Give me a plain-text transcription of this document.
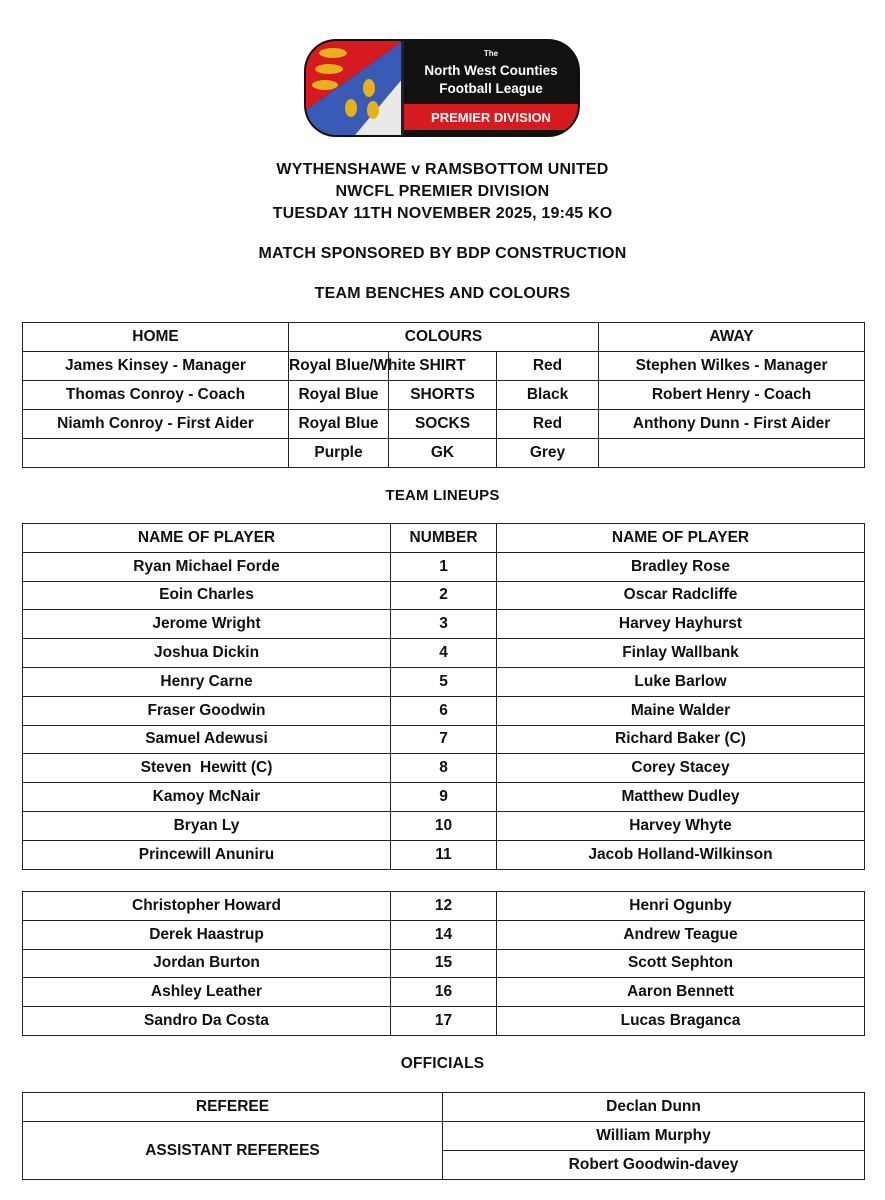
The
North West Counties
Football League
PREMIER DIVISION
WYTHENSHAWE v RAMSBOTTOM UNITED
NWCFL PREMIER DIVISION
TUESDAY 11TH NOVEMBER 2025, 19:45 KO
MATCH SPONSORED BY BDP CONSTRUCTION
TEAM BENCHES AND COLOURS
HOME	COLOURS			AWAY
James Kinsey - Manager	Royal Blue/White	SHIRT	Red	Stephen Wilkes - Manager
Thomas Conroy - Coach	Royal Blue	SHORTS	Black	Robert Henry - Coach
Niamh Conroy - First Aider	Royal Blue	SOCKS	Red	Anthony Dunn - First Aider
	Purple	GK	Grey	
TEAM LINEUPS
NAME OF PLAYER	NUMBER	NAME OF PLAYER
Ryan Michael Forde	1	Bradley Rose
Eoin Charles	2	Oscar Radcliffe
Jerome Wright	3	Harvey Hayhurst
Joshua Dickin	4	Finlay Wallbank
Henry Carne	5	Luke Barlow
Fraser Goodwin	6	Maine Walder
Samuel Adewusi	7	Richard Baker (C)
Steven  Hewitt (C)	8	Corey Stacey
Kamoy McNair	9	Matthew Dudley
Bryan Ly	10	Harvey Whyte
Princewill Anuniru	11	Jacob Holland-Wilkinson
Christopher Howard	12	Henri Ogunby
Derek Haastrup	14	Andrew Teague
Jordan Burton	15	Scott Sephton
Ashley Leather	16	Aaron Bennett
Sandro Da Costa	17	Lucas Braganca
OFFICIALS
REFEREE	Declan Dunn
ASSISTANT REFEREES	William Murphy
	Robert Goodwin-davey
